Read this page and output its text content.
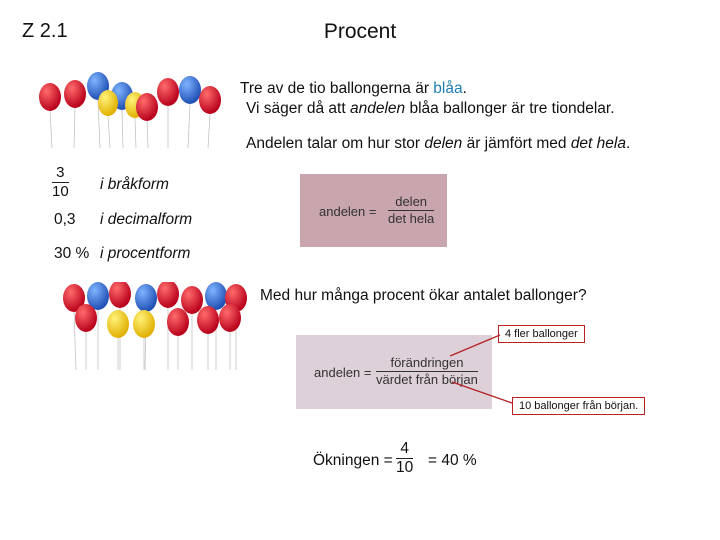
Z 2.1	Procent
Tre av de tio ballongerna är blåa.
Vi säger då att andelen blåa ballonger är tre tiondelar.
Andelen talar om hur stor delen är jämfört med det hela.
$\frac{3}{10}$ i bråkform
0,3 i decimalform
30 % i procentform
andelen =
delen
det hela
Med hur många procent ökar antalet ballonger?
4 fler ballonger
andelen =
förändringen
värdet från början
10 ballonger från början.
Ökningen = $\frac{4}{10} = 40$ %
